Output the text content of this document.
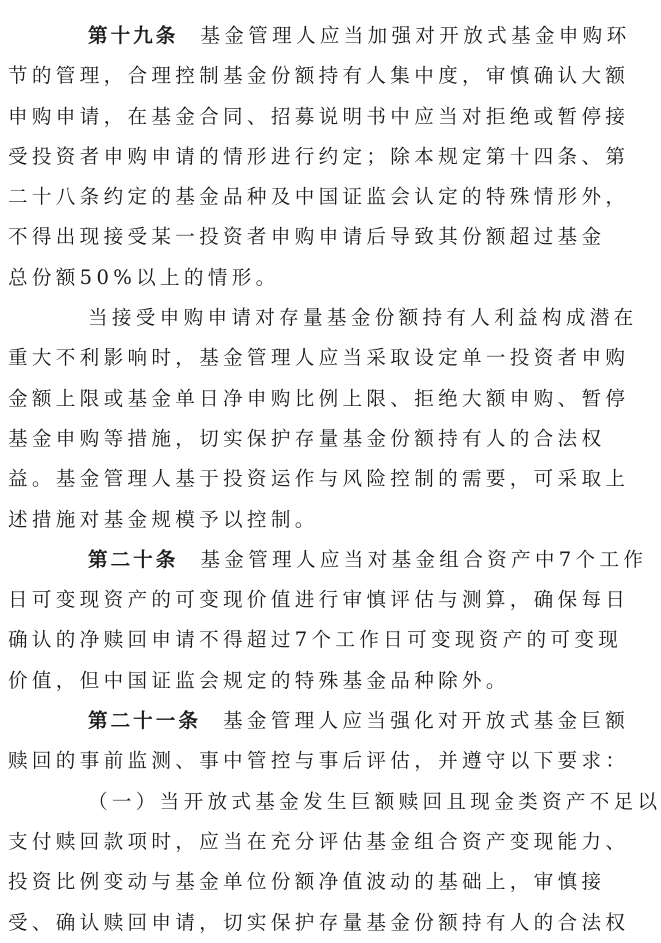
第十九条 基金管理人应当加强对开放式基金申购环
节的管理，合理控制基金份额持有人集中度，审慎确认大额
申购申请，在基金合同、招募说明书中应当对拒绝或暂停接
受投资者申购申请的情形进行约定；除本规定第十四条、第
二十八条约定的基金品种及中国证监会认定的特殊情形外，
不得出现接受某一投资者申购申请后导致其份额超过基金
总份额50%以上的情形。
当接受申购申请对存量基金份额持有人利益构成潜在
重大不利影响时，基金管理人应当采取设定单一投资者申购
金额上限或基金单日净申购比例上限、拒绝大额申购、暂停
基金申购等措施，切实保护存量基金份额持有人的合法权
益。基金管理人基于投资运作与风险控制的需要，可采取上
述措施对基金规模予以控制。
第二十条 基金管理人应当对基金组合资产中7个工作
日可变现资产的可变现价值进行审慎评估与测算，确保每日
确认的净赎回申请不得超过7个工作日可变现资产的可变现
价值，但中国证监会规定的特殊基金品种除外。
第二十一条 基金管理人应当强化对开放式基金巨额
赎回的事前监测、事中管控与事后评估，并遵守以下要求：
（一）当开放式基金发生巨额赎回且现金类资产不足以
支付赎回款项时，应当在充分评估基金组合资产变现能力、
投资比例变动与基金单位份额净值波动的基础上，审慎接
受、确认赎回申请，切实保护存量基金份额持有人的合法权
